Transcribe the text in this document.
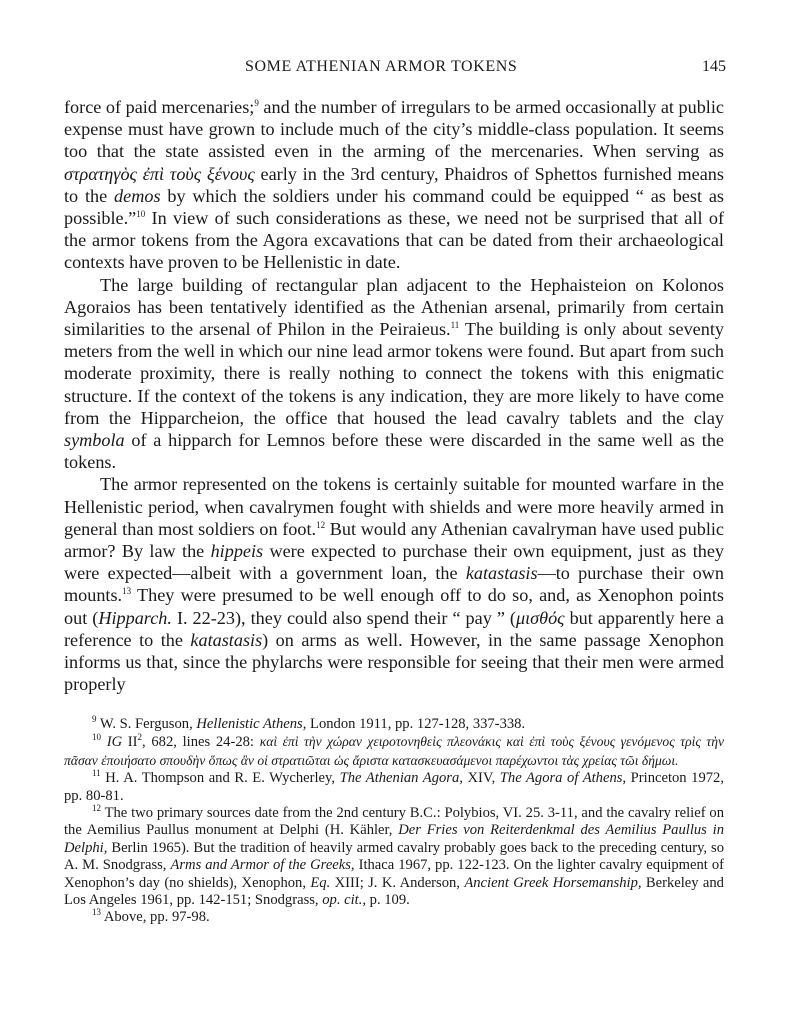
SOME ATHENIAN ARMOR TOKENS	145

force of paid mercenaries;$^9$ and the number of irregulars to be armed occasionally at public expense must have grown to include much of the city’s middle-class population. It seems too that the state assisted even in the arming of the mercenaries. When serving as στρατηγὸς ἐπὶ τοὺς ξένους early in the 3rd century, Phaidros of Sphettos furnished means to the demos by which the soldiers under his command could be equipped “ as best as possible.”$^{10}$ In view of such considerations as these, we need not be surprised that all of the armor tokens from the Agora excavations that can be dated from their archaeological contexts have proven to be Hellenistic in date.

The large building of rectangular plan adjacent to the Hephaisteion on Kolonos Agoraios has been tentatively identified as the Athenian arsenal, primarily from certain similarities to the arsenal of Philon in the Peiraieus.$^{11}$ The building is only about seventy meters from the well in which our nine lead armor tokens were found. But apart from such moderate proximity, there is really nothing to connect the tokens with this enigmatic structure. If the context of the tokens is any indication, they are more likely to have come from the Hipparcheion, the office that housed the lead cavalry tablets and the clay symbola of a hipparch for Lemnos before these were discarded in the same well as the tokens.

The armor represented on the tokens is certainly suitable for mounted warfare in the Hellenistic period, when cavalrymen fought with shields and were more heavily armed in general than most soldiers on foot.$^{12}$ But would any Athenian cavalryman have used public armor? By law the hippeis were expected to purchase their own equipment, just as they were expected—albeit with a government loan, the katastasis—to purchase their own mounts.$^{13}$ They were presumed to be well enough off to do so, and, as Xenophon points out (Hipparch. I. 22-23), they could also spend their “ pay ” (μισθός but apparently here a reference to the katastasis) on arms as well. However, in the same passage Xenophon informs us that, since the phylarchs were responsible for seeing that their men were armed properly

$^9$ W. S. Ferguson, Hellenistic Athens, London 1911, pp. 127-128, 337-338.

$^{10}$ IG $II^2$, 682, lines 24-28: καὶ ἐπὶ τὴν χώραν χειροτονηθεὶς πλεονάκις καὶ ἐπὶ τοὺς ξένους γενόμενος τρὶς τὴν πᾶσαν ἐποιήσατο σπουδὴν ὅπως ἂν οἱ στρατιῶται ὡς ἄριστα κατασκευασάμενοι παρέχωντοι τὰς χρείας τῶι δήμωι.

$^{11}$ H. A. Thompson and R. E. Wycherley, The Athenian Agora, XIV, The Agora of Athens, Princeton 1972, pp. 80-81.

$^{12}$ The two primary sources date from the 2nd century B.C.: Polybios, VI. 25. 3-11, and the cavalry relief on the Aemilius Paullus monument at Delphi (H. Kähler, Der Fries von Reiterdenkmal des Aemilius Paullus in Delphi, Berlin 1965). But the tradition of heavily armed cavalry probably goes back to the preceding century, so A. M. Snodgrass, Arms and Armor of the Greeks, Ithaca 1967, pp. 122-123. On the lighter cavalry equipment of Xenophon’s day (no shields), Xenophon, Eq. XIII; J. K. Anderson, Ancient Greek Horsemanship, Berkeley and Los Angeles 1961, pp. 142-151; Snodgrass, op. cit., p. 109.

$^{13}$ Above, pp. 97-98.
